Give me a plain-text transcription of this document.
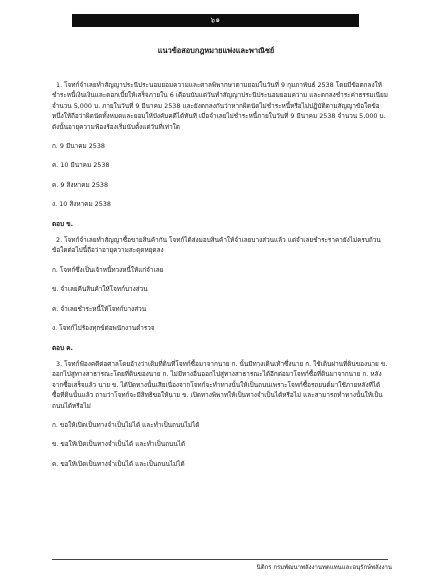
๖๑
แนวข้อสอบกฎหมายแพ่งและพาณิชย์

1. โจทก์จำเลยทำสัญญาประนีประนอมยอมความและศาลพิพากษาตามยอมในวันที่ 9 กุมภาพันธ์ 2538 โดยมีข้อตกลงให้ชำระหนี้เงินเงินและดอกเบี้ยให้เสร็จภายใน 6 เดือนนับแต่วันทำสัญญาประนีประนอมยอมความ และตกลงชำระค่าธรรมเนียมจำนวน 5,000 บ. ภายในวันที่ 9 มีนาคม 2538 และยังตกลงกันว่าหากผิดนัดไม่ชำระหนี้หรือไม่ปฏิบัติตามสัญญาข้อใดข้อหนึ่งให้ถือว่าผิดนัดทั้งหมดและยอมให้บังคับคดีได้ทันที เมื่อจำเลยไม่ชำระหนี้ภายในวันที่ 9 มีนาคม 2538 จำนวน 5,000 บ. ดังนั้นอายุความฟ้องร้องเริ่มนับตั้งแต่วันที่เท่าใด

ก. 9 มีนาคม 2538
ค. 10 มีนาคม 2538
ค. 9 สิงหาคม 2538
ง. 10 สิงหาคม 2538
ตอบ ข.

2. โจทก์จำเลยทำสัญญาซื้อขายสินค้ากัน โจทก์ได้ส่งมอบสินค้าให้จำเลยบางส่วนแล้ว แต่จำเลยชำระราคายังไม่ครบถ้วน ข้อใดต่อไปนี้ถือว่าอายุความสะดุดหยุดลง

ก. โจทก์ซึ่งเป็นเจ้าหนี้ทวงหนี้ให้แก่จำเลย
ข. จำเลยคืนสินค้าให้โจทก์บางส่วน
ค. จำเลยชำระหนี้ให้โจทก์บางส่วน
ง. โจทก์ไปร้องทุกข์ต่อพนักงานตำรวจ
ตอบ ค.

3. โจทก์ฟ้องคดีต่อศาลโดยอ้างว่าเดิมที่ดินที่โจทก์ซื้อมาจากนาย ก. นั้นมีทางเดินเท้าซึ่งนาย ก. ใช้เดินผ่านที่ดินของนาย ข. ออกไปสู่ทางสาธารณะโดยที่ดินของนาย ก. ไม่มีทางอื่นออกไปสู่ทางสาธารณะได้อีกต่อมาโจทก์ซื้อที่ดินมาจากนาย ก. หลังจากซื้อเสร็จแล้ว นาย ข. ได้ปิดทางนั้นเสียเนื่องจากโจทก์จะทำทางนั้นให้เป็นถนนเพราะโจทก์ซื้อรถยนต์มาใช้ภายหลังที่ได้ซื้อที่ดินนั้นแล้ว ถามว่าโจทก์จะมีสิทธิขอให้นาย ข. เปิดทางพิพาทให้เป็นทางจำเป็นได้หรือไม่ และสามารถทำทางนั้นให้เป็นถนนได้หรือไม่

ก. ขอให้เปิดเป็นทางจำเป็นไม่ได้ และทำเป็นถนนไม่ได้
ข. ขอให้เปิดเป็นทางจำเป็นได้ และทำเป็นถนนได้
ค. ขอให้เปิดเป็นทางจำเป็นได้ และเป็นถนนไม่ได้
นิติกร กรมพัฒนาพลังงานทดแทนและอนุรักษ์พลังงาน
